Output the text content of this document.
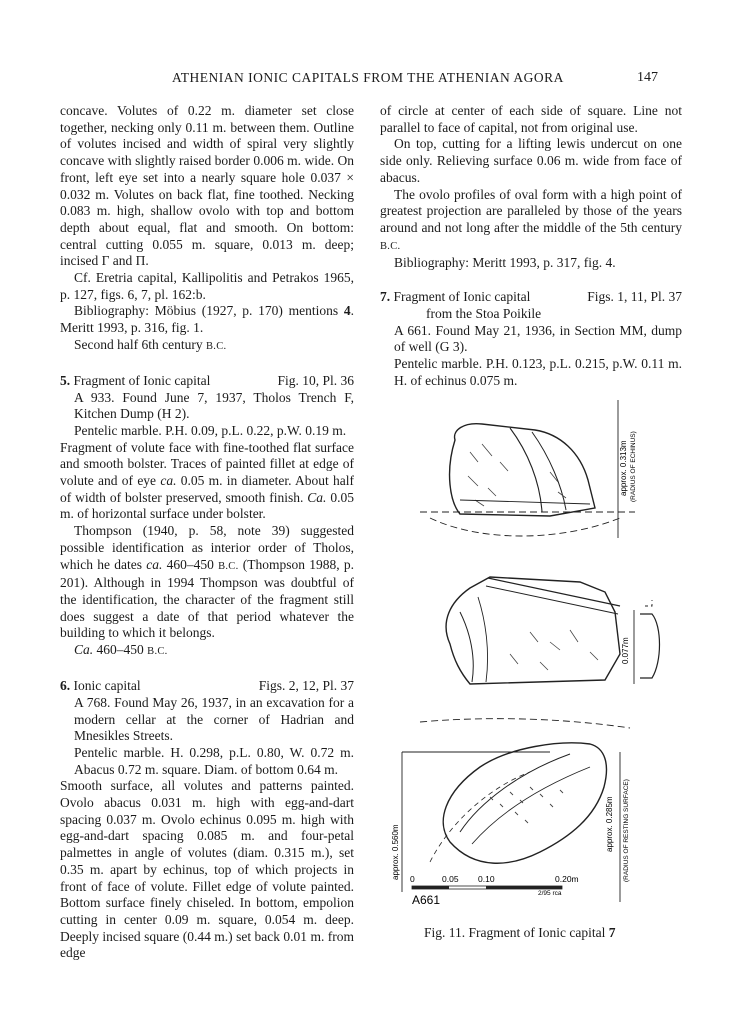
ATHENIAN IONIC CAPITALS FROM THE ATHENIAN AGORA	147

concave. Volutes of 0.22 m. diameter set close together, necking only 0.11 m. between them. Outline of volutes incised and width of spiral very slightly concave with slightly raised border 0.006 m. wide. On front, left eye set into a nearly square hole 0.037 × 0.032 m. Volutes on back flat, fine toothed. Necking 0.083 m. high, shallow ovolo with top and bottom depth about equal, flat and smooth. On bottom: central cutting 0.055 m. square, 0.013 m. deep; incised Γ and Π.

Cf. Eretria capital, Kallipolitis and Petrakos 1965, p. 127, figs. 6, 7, pl. 162:b.

Bibliography: Möbius (1927, p. 170) mentions 4. Meritt 1993, p. 316, fig. 1.

Second half 6th century B.C.

5. Fragment of Ionic capital	Fig. 10, Pl. 36

A 933. Found June 7, 1937, Tholos Trench F, Kitchen Dump (H 2).

Pentelic marble. P.H. 0.09, p.L. 0.22, p.W. 0.19 m.

Fragment of volute face with fine-toothed flat surface and smooth bolster. Traces of painted fillet at edge of volute and of eye ca. 0.05 m. in diameter. About half of width of bolster preserved, smooth finish. Ca. 0.05 m. of horizontal surface under bolster.

Thompson (1940, p. 58, note 39) suggested possible identification as interior order of Tholos, which he dates ca. 460–450 B.C. (Thompson 1988, p. 201). Although in 1994 Thompson was doubtful of the identification, the character of the fragment still does suggest a date of that period whatever the building to which it belongs.

Ca. 460–450 B.C.

6. Ionic capital	Figs. 2, 12, Pl. 37

A 768. Found May 26, 1937, in an excavation for a modern cellar at the corner of Hadrian and Mnesikles Streets.

Pentelic marble. H. 0.298, p.L. 0.80, W. 0.72 m. Abacus 0.72 m. square. Diam. of bottom 0.64 m.

Smooth surface, all volutes and patterns painted. Ovolo abacus 0.031 m. high with egg-and-dart spacing 0.037 m. Ovolo echinus 0.095 m. high with egg-and-dart spacing 0.085 m. and four-petal palmettes in angle of volutes (diam. 0.315 m.), set 0.35 m. apart by echinus, top of which projects in front of face of volute. Fillet edge of volute painted. Bottom surface finely chiseled. In bottom, empolion cutting in center 0.09 m. square, 0.054 m. deep. Deeply incised square (0.44 m.) set back 0.01 m. from edge

of circle at center of each side of square. Line not parallel to face of capital, not from original use.

On top, cutting for a lifting lewis undercut on one side only. Relieving surface 0.06 m. wide from face of abacus.

The ovolo profiles of oval form with a high point of greatest projection are paralleled by those of the years around and not long after the middle of the 5th century B.C.

Bibliography: Meritt 1993, p. 317, fig. 4.

7. Fragment of Ionic capital	Figs. 1, 11, Pl. 37
from the Stoa Poikile

A 661. Found May 21, 1936, in Section MM, dump of well (G 3).

Pentelic marble. P.H. 0.123, p.L. 0.215, p.W. 0.11 m. H. of echinus 0.075 m.

approx. 0.313m (RADIUS OF ECHINUS)
0.077m
approx. 0.560m
approx. 0.285m (RADIUS OF RESTING SURFACE)
0	0.05 0.10	0.20m
2/95 rca
A661
Fig. 11. Fragment of Ionic capital 7
